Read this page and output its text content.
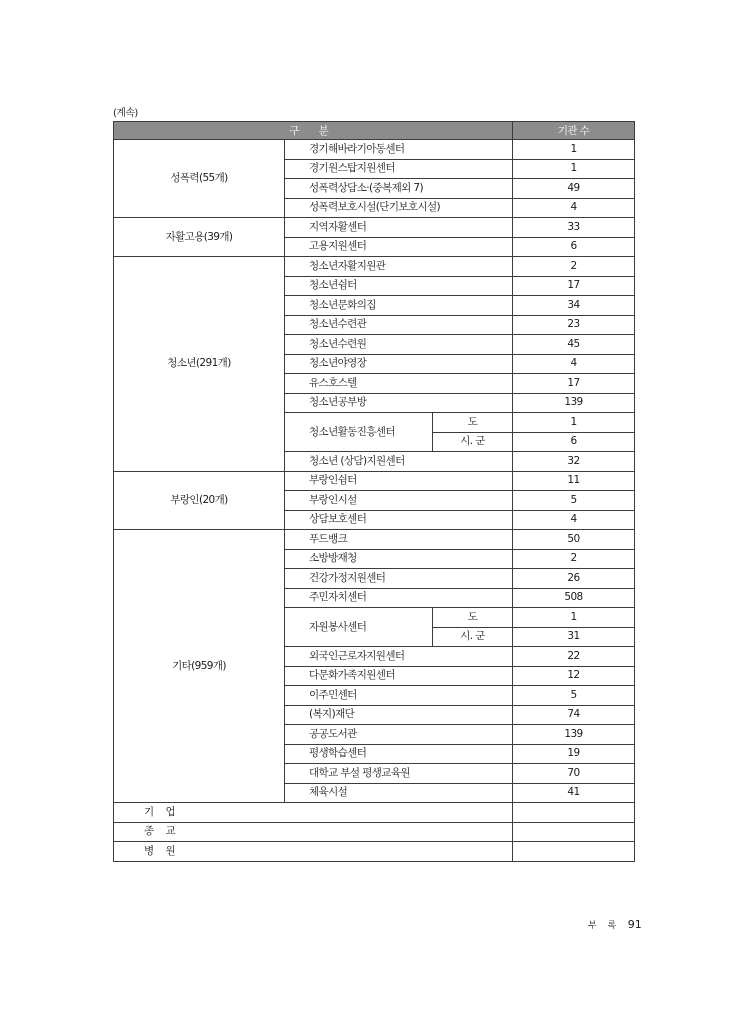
(계속)
구 분			기관 수
성폭력(55개)	경기해바라기아동센터		1
	경기원스탑지원센터		1
	성폭력상담소‧(중복제외 7)		49
	성폭력보호시설(단기보호시설)		4
자활고용(39개)	지역자활센터		33
	고용지원센터		6
청소년(291개)	청소년자활지원관		2
	청소년쉼터		17
	청소년문화의집		34
	청소년수련관		23
	청소년수련원		45
	청소년야영장		4
	유스호스텔		17
	청소년공부방		139
	청소년활동진흥센터	도	1
		시. 군	6
	청소년 (상담)지원센터		32
부랑인(20개)	부랑인쉼터		11
	부랑인시설		5
	상담보호센터		4
기타(959개)	푸드뱅크		50
	소방방재청		2
	건강가정지원센터		26
	주민자치센터		508
	자원봉사센터	도	1
		시. 군	31
	외국인근로자지원센터		22
	다문화가족지원센터		12
	이주민센터		5
	(복지)재단		74
	공공도서관		139
	평생학습센터		19
	대학교 부설 평생교육원		70
	체육시설		41
기 업			
종 교			
병 원			
부 록 91
